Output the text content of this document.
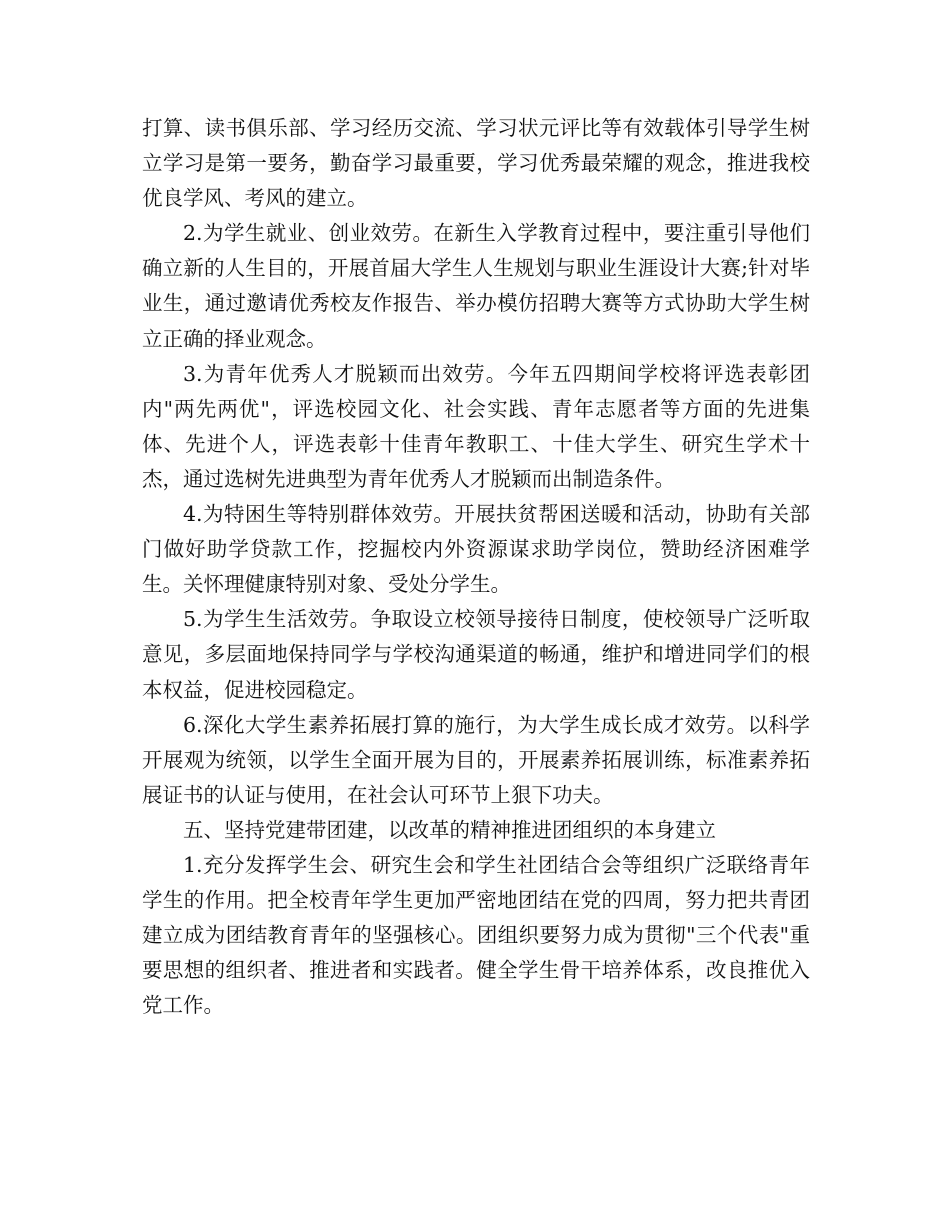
打算、读书俱乐部、学习经历交流、学习状元评比等有效载体引导学生树立学习是第一要务，勤奋学习最重要，学习优秀最荣耀的观念，推进我校优良学风、考风的建立。

2.为学生就业、创业效劳。在新生入学教育过程中，要注重引导他们确立新的人生目的，开展首届大学生人生规划与职业生涯设计大赛;针对毕业生，通过邀请优秀校友作报告、举办模仿招聘大赛等方式协助大学生树立正确的择业观念。

3.为青年优秀人才脱颖而出效劳。今年五四期间学校将评选表彰团内"两先两优"，评选校园文化、社会实践、青年志愿者等方面的先进集体、先进个人，评选表彰十佳青年教职工、十佳大学生、研究生学术十杰，通过选树先进典型为青年优秀人才脱颖而出制造条件。

4.为特困生等特别群体效劳。开展扶贫帮困送暖和活动，协助有关部门做好助学贷款工作，挖掘校内外资源谋求助学岗位，赞助经济困难学生。关怀理健康特别对象、受处分学生。

5.为学生生活效劳。争取设立校领导接待日制度，使校领导广泛听取意见，多层面地保持同学与学校沟通渠道的畅通，维护和增进同学们的根本权益，促进校园稳定。

6.深化大学生素养拓展打算的施行，为大学生成长成才效劳。以科学开展观为统领，以学生全面开展为目的，开展素养拓展训练，标准素养拓展证书的认证与使用，在社会认可环节上狠下功夫。

五、坚持党建带团建，以改革的精神推进团组织的本身建立

1.充分发挥学生会、研究生会和学生社团结合会等组织广泛联络青年学生的作用。把全校青年学生更加严密地团结在党的四周，努力把共青团建立成为团结教育青年的坚强核心。团组织要努力成为贯彻"三个代表"重要思想的组织者、推进者和实践者。健全学生骨干培养体系，改良推优入党工作。
